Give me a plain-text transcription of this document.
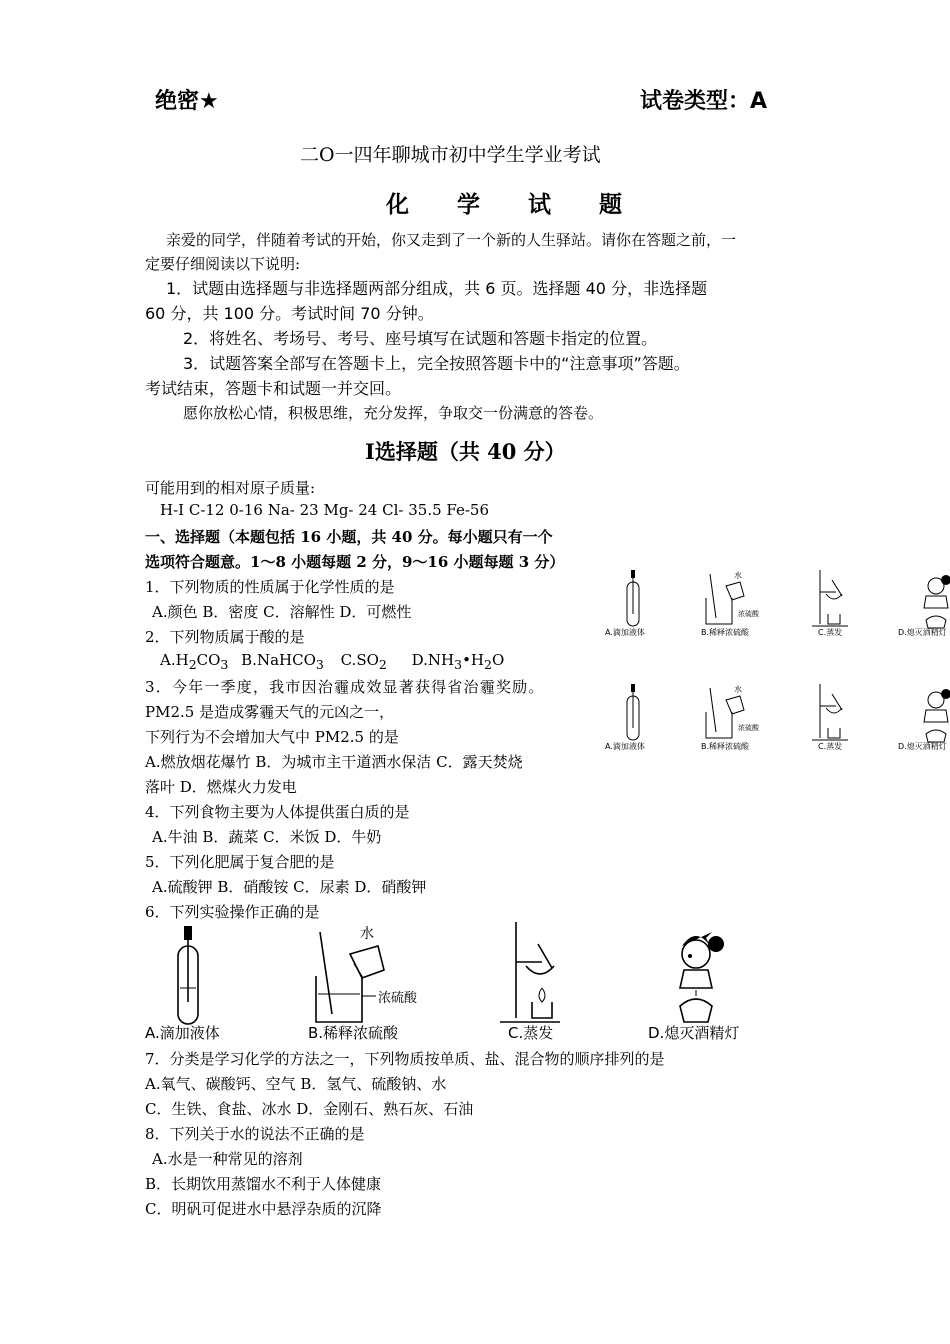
绝密★	试卷类型：A
二O一四年聊城市初中学生学业考试
化 学 试 题
亲爱的同学，伴随着考试的开始，你又走到了一个新的人生驿站。请你在答题之前，一
定要仔细阅读以下说明:
1．试题由选择题与非选择题两部分组成，共 6 页。选择题 40 分，非选择题
60 分，共 100 分。考试时间 70 分钟。
2．将姓名、考场号、考号、座号填写在试题和答题卡指定的位置。
3．试题答案全部写在答题卡上，完全按照答题卡中的“注意事项”答题。
考试结束，答题卡和试题一并交回。
愿你放松心情，积极思维，充分发挥，争取交一份满意的答卷。
I选择题（共 40 分）
可能用到的相对原子质量:
H-I C-12 0-16 Na- 23 Mg- 24 Cl- 35.5 Fe-56
一、选择题（本题包括 16 小题，共 40 分。每小题只有一个
选项符合题意。1～8 小题每题 2 分，9～16 小题每题 3 分）
1．下列物质的性质属于化学性质的是
A.颜色 B．密度 C．溶解性 D．可燃性
2．下列物质属于酸的是
$A.H_2CO_3$ B.NaHCO$_3$ $C.SO_2$ $D.NH_3•H_2O$
3．今年一季度，我市因治霾成效显著获得省治霾奖励。
PM2.5 是造成雾霾天气的元凶之一，
下列行为不会增加大气中 PM2.5 的是
A.燃放烟花爆竹 B．为城市主干道洒水保洁 C．露天焚烧
落叶 D．燃煤火力发电
4．下列食物主要为人体提供蛋白质的是
A.牛油 B．蔬菜 C．米饭 D．牛奶
5．下列化肥属于复合肥的是
A.硫酸钾 B．硝酸铵 C．尿素 D．硝酸钾
6．下列实验操作正确的是
水
浓硫酸
A.滴加液体	B.稀释浓硫酸	C.蒸发	D.熄灭酒精灯
7．分类是学习化学的方法之一，下列物质按单质、盐、混合物的顺序排列的是
A.氧气、碳酸钙、空气 B．氢气、硫酸钠、水
C．生铁、食盐、冰水 D．金刚石、熟石灰、石油
8．下列关于水的说法不正确的是
A.水是一种常见的溶剂
B．长期饮用蒸馏水不利于人体健康
C．明矾可促进水中悬浮杂质的沉降
水
浓硫酸
A.滴加液体	B.稀释浓硫酸	C.蒸发	D.熄灭酒精灯
水
浓硫酸
A.滴加液体	B.稀释浓硫酸	C.蒸发	D.熄灭酒精灯
